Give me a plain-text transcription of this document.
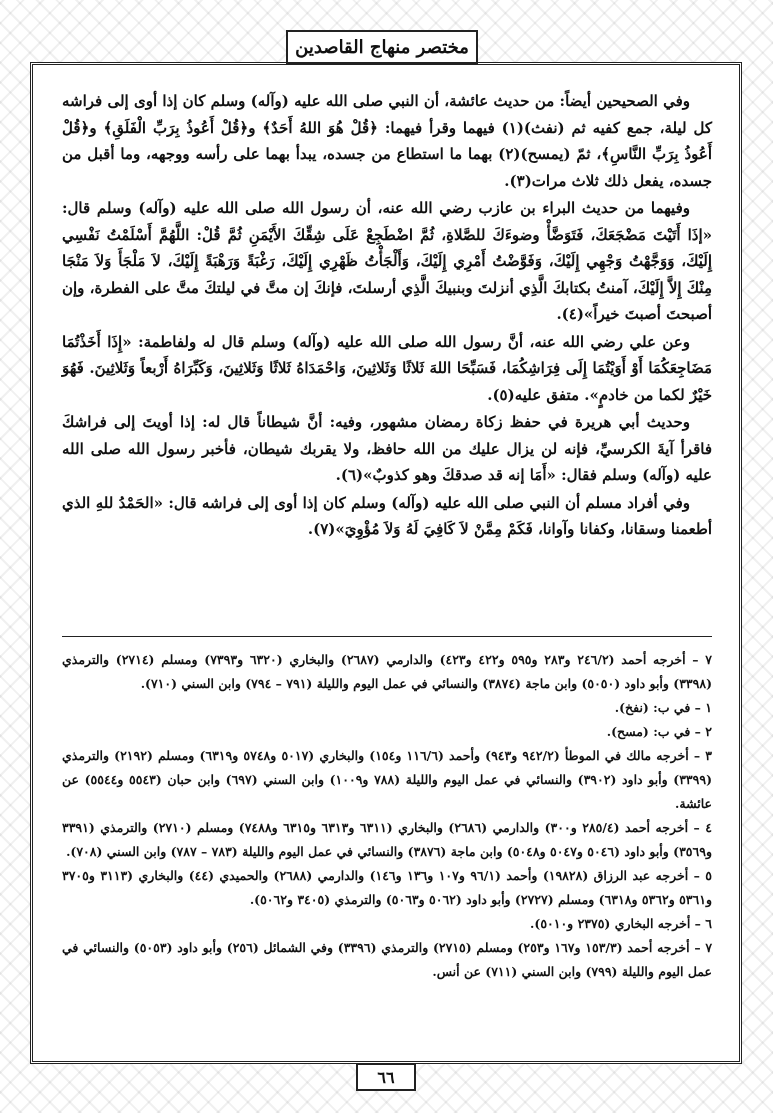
مختصر منهاج القاصدين

وفي الصحيحين أيضاً: من حديث عائشة، أن النبي صلى الله عليه (وآله) وسلم كان إذا أوى إلى فراشه كل ليلة، جمع كفيه ثم (نفث)(١) فيهما وقرأ فيهما: ﴿قُلْ هُوَ اللهُ أَحَدٌ﴾ و﴿قُلْ أَعُوذُ بِرَبِّ الْفَلَقِ﴾ و﴿قُلْ أَعُوذُ بِرَبِّ النَّاسِ﴾، ثمّ (يمسح)(٢) بهما ما استطاع من جسده، يبدأ بهما على رأسه ووجهه، وما أقبل من جسده، يفعل ذلك ثلاث مرات(٣).

وفيهما من حديث البراء بن عازب رضي الله عنه، أن رسول الله صلى الله عليه (وآله) وسلم قال: «إذَا أَتَيْتَ مَضْجَعَكَ، فَتَوَضَّأْ وضوءَكَ للصَّلاةِ، ثُمَّ اضْطَجِعْ عَلَى شِقِّكَ الأَيْمَنِ ثُمَّ قُلْ: اللَّهُمَّ أَسْلَمْتُ نَفْسِي إِلَيْكَ، وَوَجَّهْتُ وَجْهِي إِلَيْكَ، وَفَوَّضْتُ أَمْرِي إِلَيْكَ، وَأَلْجَأْتُ ظَهْرِي إِلَيْكَ، رَغْبَةً وَرَهْبَةً إِلَيْكَ، لاَ مَلْجَأَ وَلاَ مَنْجَا مِنْكَ إِلاَّ إِلَيْكَ، آمنتُ بكتابكَ الَّذِي أنزلتَ وبنبيكَ الَّذِي أرسلتَ، فإنكَ إن متَّ في ليلتكَ متَّ على الفطرة، وإن أصبحتَ أصبتَ خيراً»(٤).

وعن علي رضي الله عنه، أنَّ رسول الله صلى الله عليه (وآله) وسلم قال له ولفاطمة: «إِذَا أَخَذْتُمَا مَضَاجِعَكُمَا أَوْ أَوَيْتُمَا إِلَى فِرَاشِكُمَا، فَسَبِّحَا اللهَ ثَلاثًا وَثَلاثِينَ، وَاحْمَدَاهُ ثَلاثًا وَثَلاثِينَ، وَكَبِّرَاهُ أَرْبعاً وَثَلاثِينَ. فَهُوَ خَيْرٌ لكما من خادمٍ». متفق عليه(٥).

وحديث أبي هريرة في حفظ زكاة رمضان مشهور، وفيه: أنَّ شيطاناً قال له: إذا أويتَ إلى فراشكَ فاقرأ آيةَ الكرسيِّ، فإنه لن يزال عليك من الله حافظ، ولا يقربك شيطان، فأخبر رسول الله صلى الله عليه (وآله) وسلم فقال: «أَمَا إنه قد صدقكَ وهو كذوبٌ»(٦).

وفي أفراد مسلم أن النبي صلى الله عليه (وآله) وسلم كان إذا أوى إلى فراشه قال: «الحَمْدُ للهِ الذي أطعمنا وسقانا، وكفانا وآوانا، فَكَمْ مِمَّنْ لاَ كَافِيَ لَهُ وَلاَ مُؤْوِيَ»(٧).

٧ – أخرجه أحمد (٢٤٦/٢ و٢٨٣ و٥٩٥ و٤٢٢ و٤٢٣) والدارمي (٢٦٨٧) والبخاري (٦٣٢٠ و٧٣٩٣) ومسلم (٢٧١٤) والترمذي (٣٣٩٨) وأبو داود (٥٠٥٠) وابن ماجة (٣٨٧٤) والنسائي في عمل اليوم والليلة (٧٩١ – ٧٩٤) وابن السني (٧١٠).
١ – في ب: (نفخ).
٢ – في ب: (مسح).
٣ – أخرجه مالك في الموطأ (٩٤٢/٢ و٩٤٣) وأحمد (١١٦/٦ و١٥٤) والبخاري (٥٠١٧ و٥٧٤٨ و٦٣١٩) ومسلم (٢١٩٢) والترمذي (٣٣٩٩) وأبو داود (٣٩٠٢) والنسائي في عمل اليوم والليلة (٧٨٨ و١٠٠٩) وابن السني (٦٩٧) وابن حبان (٥٥٤٣ و٥٥٤٤) عن عائشة.
٤ – أخرجه أحمد (٢٨٥/٤ و٣٠٠) والدارمي (٢٦٨٦) والبخاري (٦٣١١ و٦٣١٣ و٦٣١٥ و٧٤٨٨) ومسلم (٢٧١٠) والترمذي (٣٣٩١ و٣٥٦٩) وأبو داود (٥٠٤٦ و٥٠٤٧ و٥٠٤٨) وابن ماجة (٣٨٧٦) والنسائي في عمل اليوم والليلة (٧٨٣ – ٧٨٧) وابن السني (٧٠٨).
٥ – أخرجه عبد الرزاق (١٩٨٢٨) وأحمد (٩٦/١ و١٠٧ و١٣٦ و١٤٦) والدارمي (٢٦٨٨) والحميدي (٤٤) والبخاري (٣١١٣ و٣٧٠٥ و٥٣٦١ و٥٣٦٢ و٦٣١٨) ومسلم (٢٧٢٧) وأبو داود (٥٠٦٢ و٥٠٦٣) والترمذي (٣٤٠٥ و٥٠٦٢).
٦ – أخرجه البخاري (٢٣٧٥ و٥٠١٠).
٧ – أخرجه أحمد (١٥٣/٣ و١٦٧ و٢٥٣) ومسلم (٢٧١٥) والترمذي (٣٣٩٦) وفي الشمائل (٢٥٦) وأبو داود (٥٠٥٣) والنسائي في عمل اليوم والليلة (٧٩٩) وابن السني (٧١١) عن أنس.
٦٦
